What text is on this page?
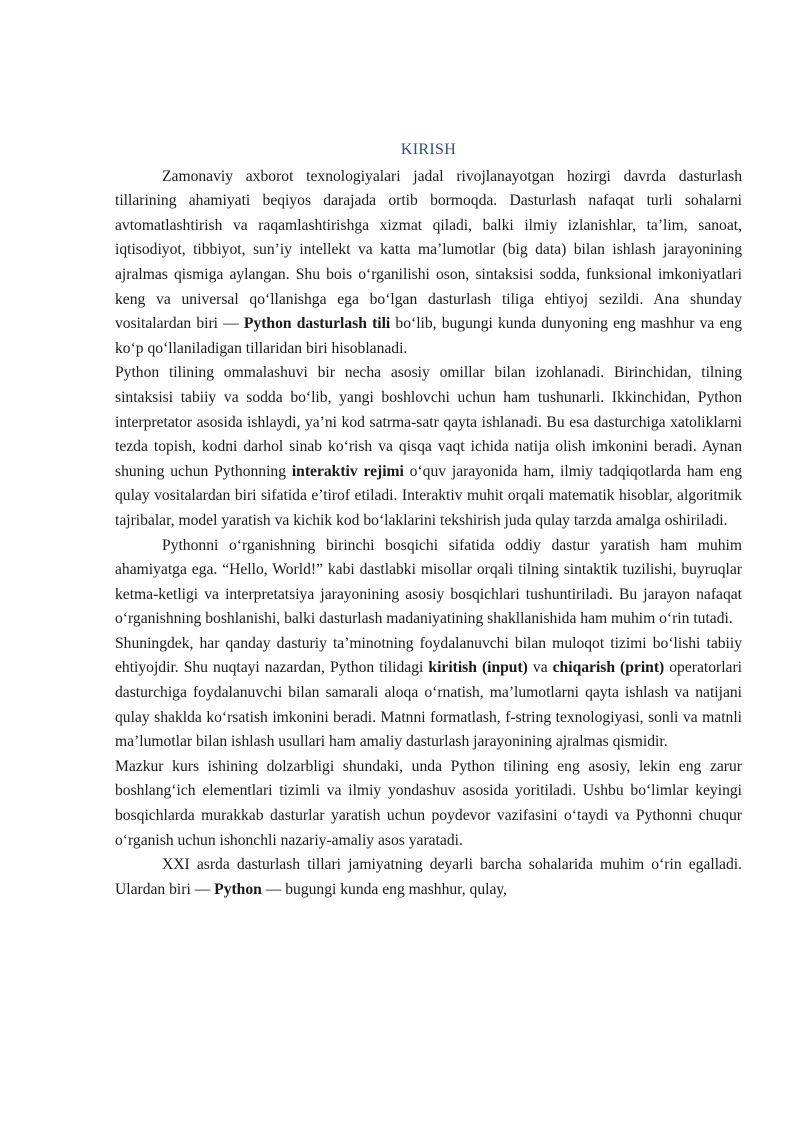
KIRISH

Zamonaviy axborot texnologiyalari jadal rivojlanayotgan hozirgi davrda dasturlash tillarining ahamiyati beqiyos darajada ortib bormoqda. Dasturlash nafaqat turli sohalarni avtomatlashtirish va raqamlashtirishga xizmat qiladi, balki ilmiy izlanishlar, ta’lim, sanoat, iqtisodiyot, tibbiyot, sun’iy intellekt va katta ma’lumotlar (big data) bilan ishlash jarayonining ajralmas qismiga aylangan. Shu bois o‘rganilishi oson, sintaksisi sodda, funksional imkoniyatlari keng va universal qo‘llanishga ega bo‘lgan dasturlash tiliga ehtiyoj sezildi. Ana shunday vositalardan biri — Python dasturlash tili bo‘lib, bugungi kunda dunyoning eng mashhur va eng ko‘p qo‘llaniladigan tillaridan biri hisoblanadi.

Python tilining ommalashuvi bir necha asosiy omillar bilan izohlanadi. Birinchidan, tilning sintaksisi tabiiy va sodda bo‘lib, yangi boshlovchi uchun ham tushunarli. Ikkinchidan, Python interpretator asosida ishlaydi, ya’ni kod satrma-satr qayta ishlanadi. Bu esa dasturchiga xatoliklarni tezda topish, kodni darhol sinab ko‘rish va qisqa vaqt ichida natija olish imkonini beradi. Aynan shuning uchun Pythonning interaktiv rejimi o‘quv jarayonida ham, ilmiy tadqiqotlarda ham eng qulay vositalardan biri sifatida e’tirof etiladi. Interaktiv muhit orqali matematik hisoblar, algoritmik tajribalar, model yaratish va kichik kod bo‘laklarini tekshirish juda qulay tarzda amalga oshiriladi.

Pythonni o‘rganishning birinchi bosqichi sifatida oddiy dastur yaratish ham muhim ahamiyatga ega. “Hello, World!” kabi dastlabki misollar orqali tilning sintaktik tuzilishi, buyruqlar ketma-ketligi va interpretatsiya jarayonining asosiy bosqichlari tushuntiriladi. Bu jarayon nafaqat o‘rganishning boshlanishi, balki dasturlash madaniyatining shakllanishida ham muhim o‘rin tutadi.

Shuningdek, har qanday dasturiy ta’minotning foydalanuvchi bilan muloqot tizimi bo‘lishi tabiiy ehtiyojdir. Shu nuqtayi nazardan, Python tilidagi kiritish (input) va chiqarish (print) operatorlari dasturchiga foydalanuvchi bilan samarali aloqa o‘rnatish, ma’lumotlarni qayta ishlash va natijani qulay shaklda ko‘rsatish imkonini beradi. Matnni formatlash, f-string texnologiyasi, sonli va matnli ma’lumotlar bilan ishlash usullari ham amaliy dasturlash jarayonining ajralmas qismidir.

Mazkur kurs ishining dolzarbligi shundaki, unda Python tilining eng asosiy, lekin eng zarur boshlang‘ich elementlari tizimli va ilmiy yondashuv asosida yoritiladi. Ushbu bo‘limlar keyingi bosqichlarda murakkab dasturlar yaratish uchun poydevor vazifasini o‘taydi va Pythonni chuqur o‘rganish uchun ishonchli nazariy-amaliy asos yaratadi.

XXI asrda dasturlash tillari jamiyatning deyarli barcha sohalarida muhim o‘rin egalladi. Ulardan biri — Python — bugungi kunda eng mashhur, qulay,
